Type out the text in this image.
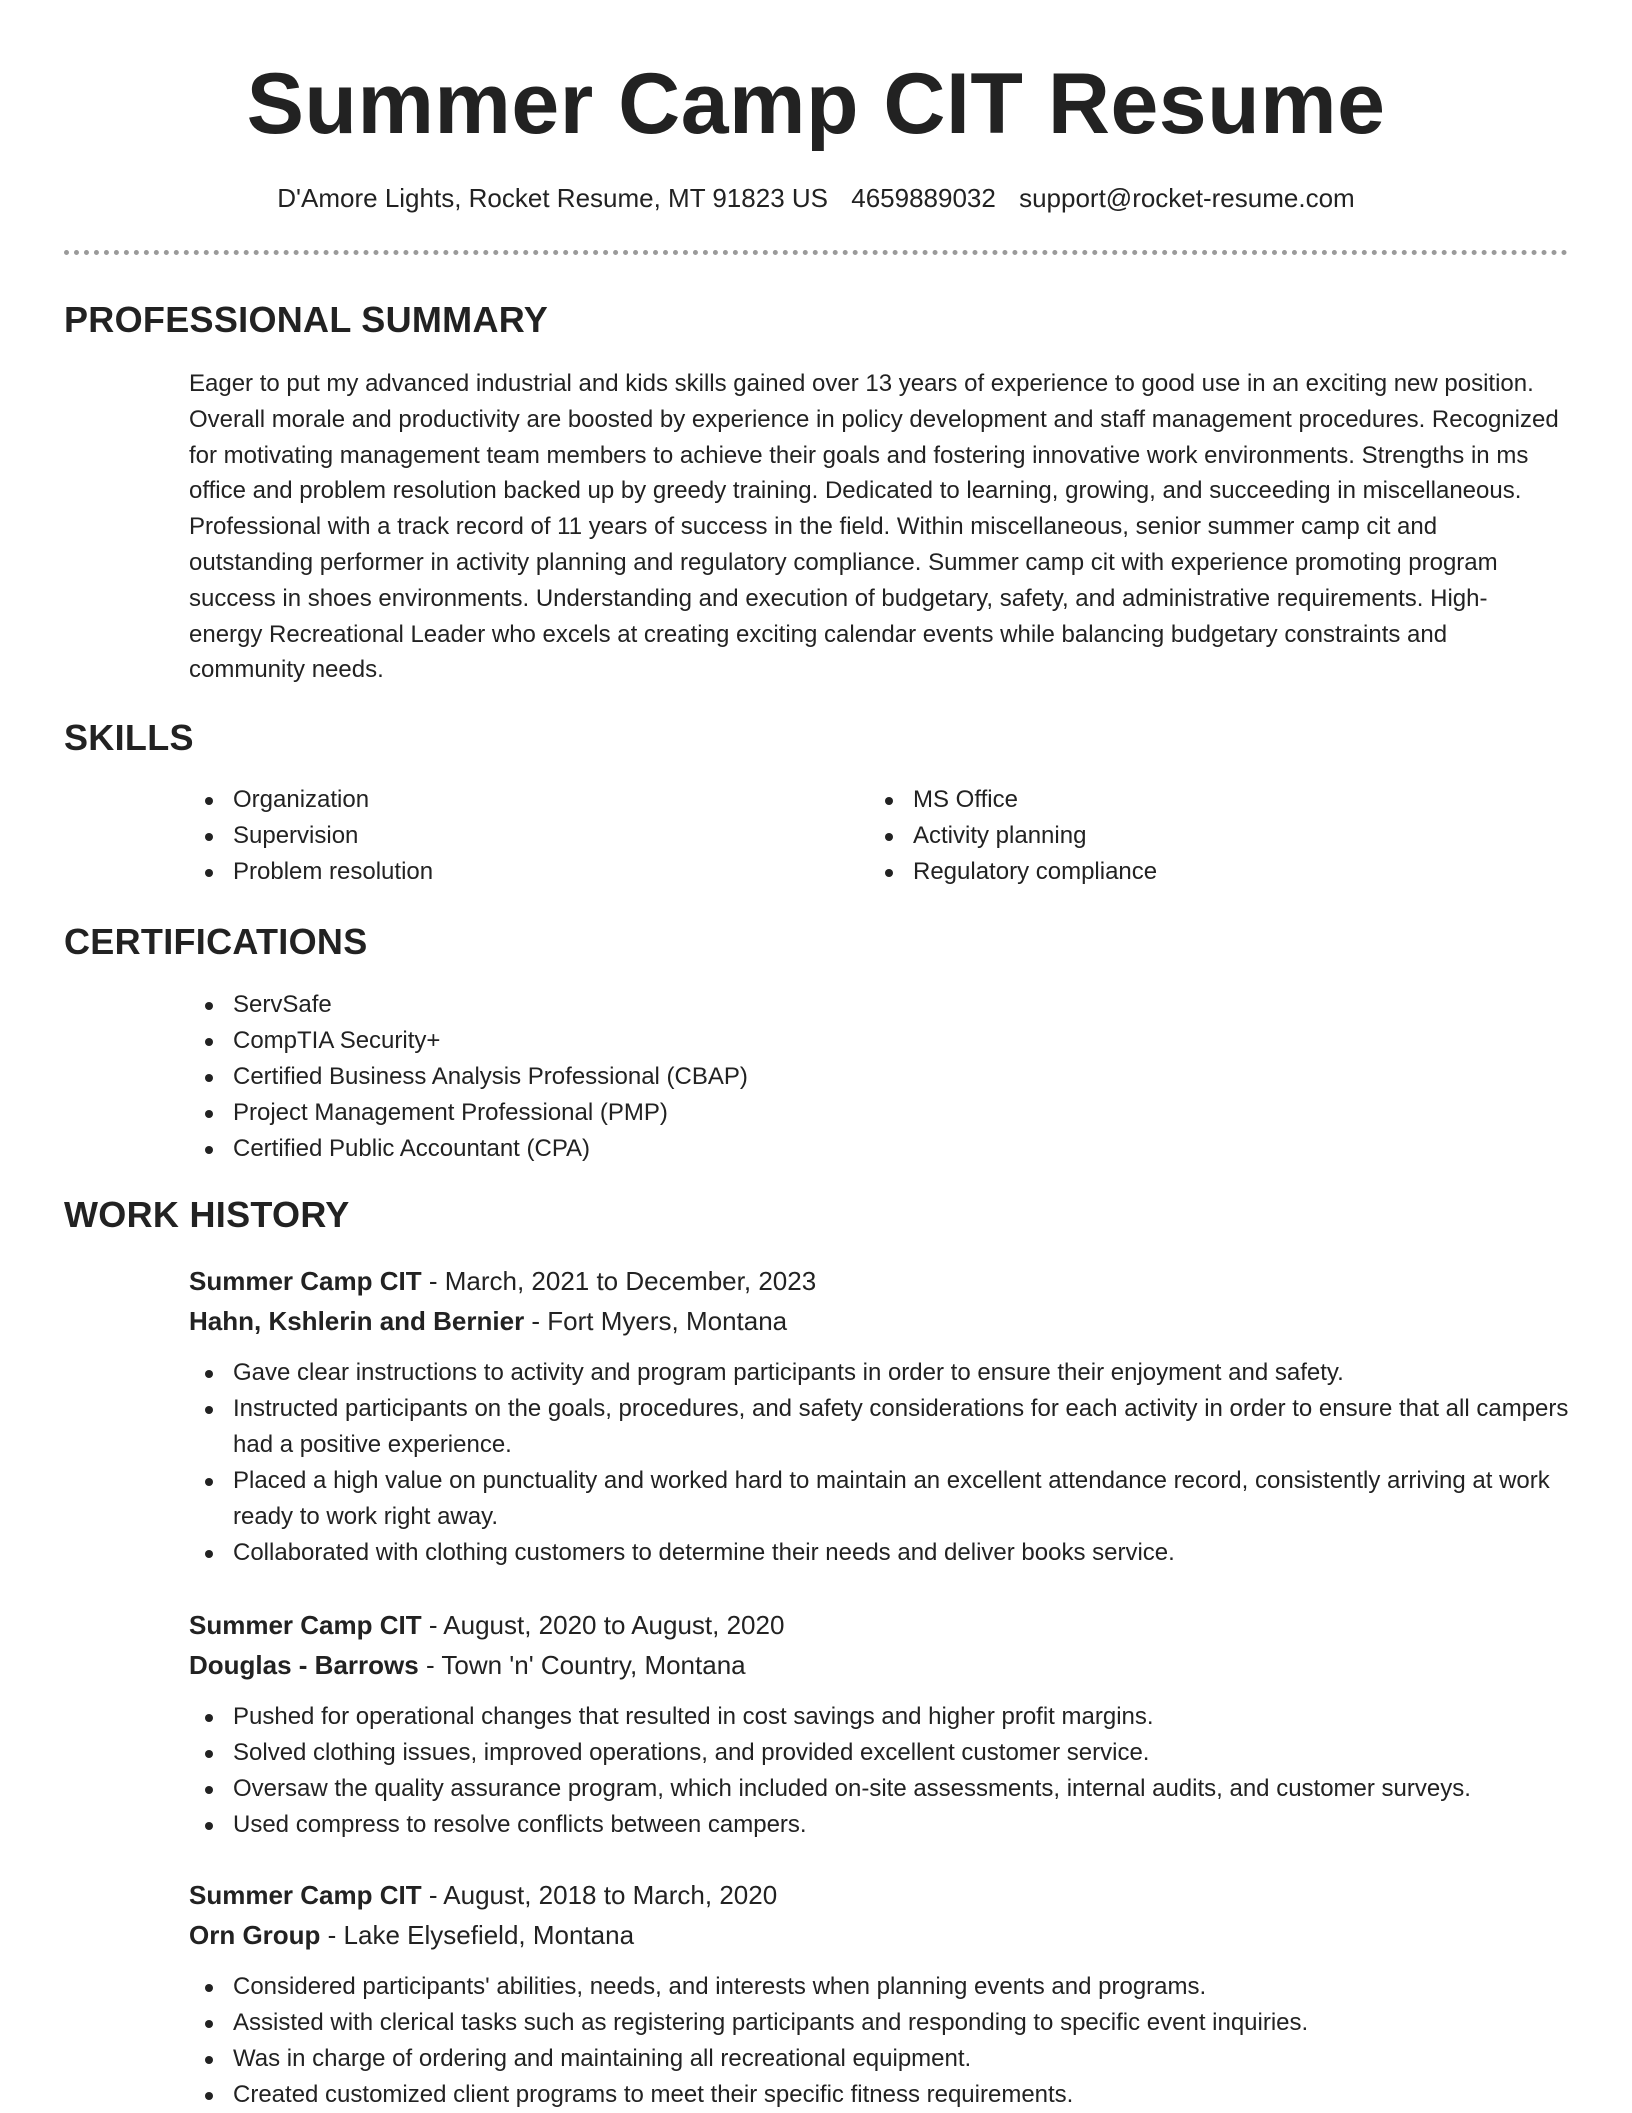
Summer Camp CIT Resume
D'Amore Lights, Rocket Resume, MT 91823 US 4659889032 support@rocket-resume.com
PROFESSIONAL SUMMARY

Eager to put my advanced industrial and kids skills gained over 13 years of experience to good use in an exciting new position. Overall morale and productivity are boosted by experience in policy development and staff management procedures. Recognized for motivating management team members to achieve their goals and fostering innovative work environments. Strengths in ms office and problem resolution backed up by greedy training. Dedicated to learning, growing, and succeeding in miscellaneous. Professional with a track record of 11 years of success in the field. Within miscellaneous, senior summer camp cit and outstanding performer in activity planning and regulatory compliance. Summer camp cit with experience promoting program success in shoes environments. Understanding and execution of budgetary, safety, and administrative requirements. High-energy Recreational Leader who excels at creating exciting calendar events while balancing budgetary constraints and community needs.

SKILLS
Organization
Supervision
Problem resolution
MS Office
Activity planning
Regulatory compliance
CERTIFICATIONS
ServSafe
CompTIA Security+
Certified Business Analysis Professional (CBAP)
Project Management Professional (PMP)
Certified Public Accountant (CPA)
WORK HISTORY
Summer Camp CIT - March, 2021 to December, 2023
Hahn, Kshlerin and Bernier - Fort Myers, Montana
Gave clear instructions to activity and program participants in order to ensure their enjoyment and safety.
Instructed participants on the goals, procedures, and safety considerations for each activity in order to ensure that all campers had a positive experience.
Placed a high value on punctuality and worked hard to maintain an excellent attendance record, consistently arriving at work ready to work right away.
Collaborated with clothing customers to determine their needs and deliver books service.
Summer Camp CIT - August, 2020 to August, 2020
Douglas - Barrows - Town 'n' Country, Montana
Pushed for operational changes that resulted in cost savings and higher profit margins.
Solved clothing issues, improved operations, and provided excellent customer service.
Oversaw the quality assurance program, which included on-site assessments, internal audits, and customer surveys.
Used compress to resolve conflicts between campers.
Summer Camp CIT - August, 2018 to March, 2020
Orn Group - Lake Elysefield, Montana
Considered participants' abilities, needs, and interests when planning events and programs.
Assisted with clerical tasks such as registering participants and responding to specific event inquiries.
Was in charge of ordering and maintaining all recreational equipment.
Created customized client programs to meet their specific fitness requirements.
